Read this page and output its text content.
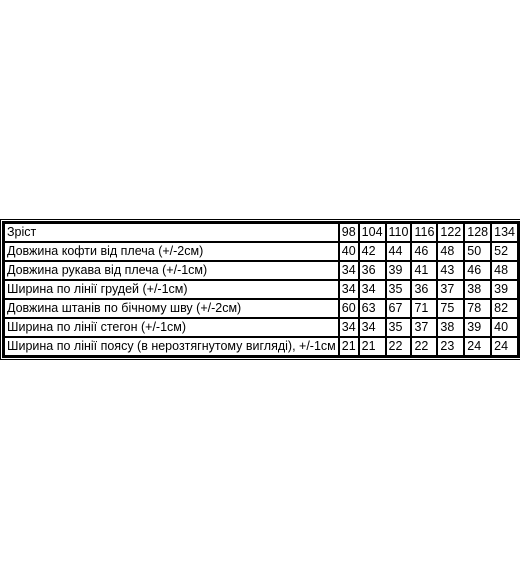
Зріст	98	104	110	116	122	128	134
Довжина кофти від плеча (+/-2см)	40	42	44	46	48	50	52
Довжина рукава від плеча (+/-1см)	34	36	39	41	43	46	48
Ширина по лінії грудей (+/-1см)	34	34	35	36	37	38	39
Довжина штанів по бічному шву (+/-2см)	60	63	67	71	75	78	82
Ширина по лінії стегон (+/-1см)	34	34	35	37	38	39	40
Ширина по лінії поясу (в нерозтягнутому вигляді), +/-1см	21	21	22	22	23	24	24
